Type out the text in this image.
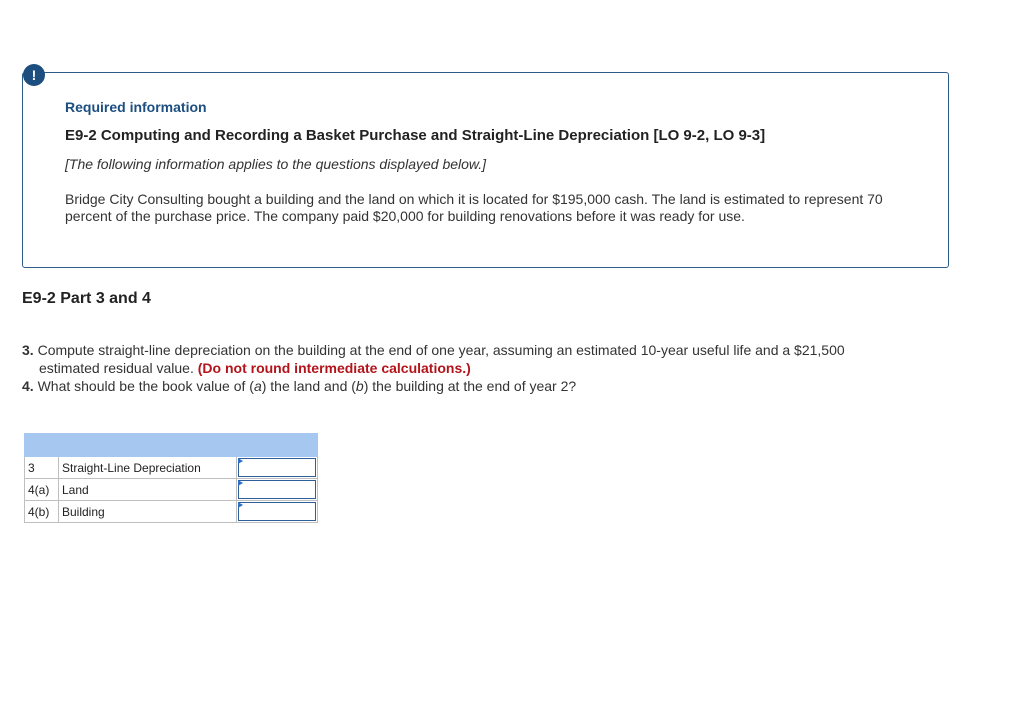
!
Required information
E9-2 Computing and Recording a Basket Purchase and Straight-Line Depreciation [LO 9-2, LO 9-3]
[The following information applies to the questions displayed below.]
Bridge City Consulting bought a building and the land on which it is located for $195,000 cash. The land is estimated to represent 70 percent of the purchase price. The company paid $20,000 for building renovations before it was ready for use.
E9-2 Part 3 and 4
3. Compute straight-line depreciation on the building at the end of one year, assuming an estimated 10-year useful life and a $21,500
estimated residual value. (Do not round intermediate calculations.)
4. What should be the book value of (a) the land and (b) the building at the end of year 2?

3	Straight-Line Depreciation	

4(a)	Land	

4(b)	Building	
